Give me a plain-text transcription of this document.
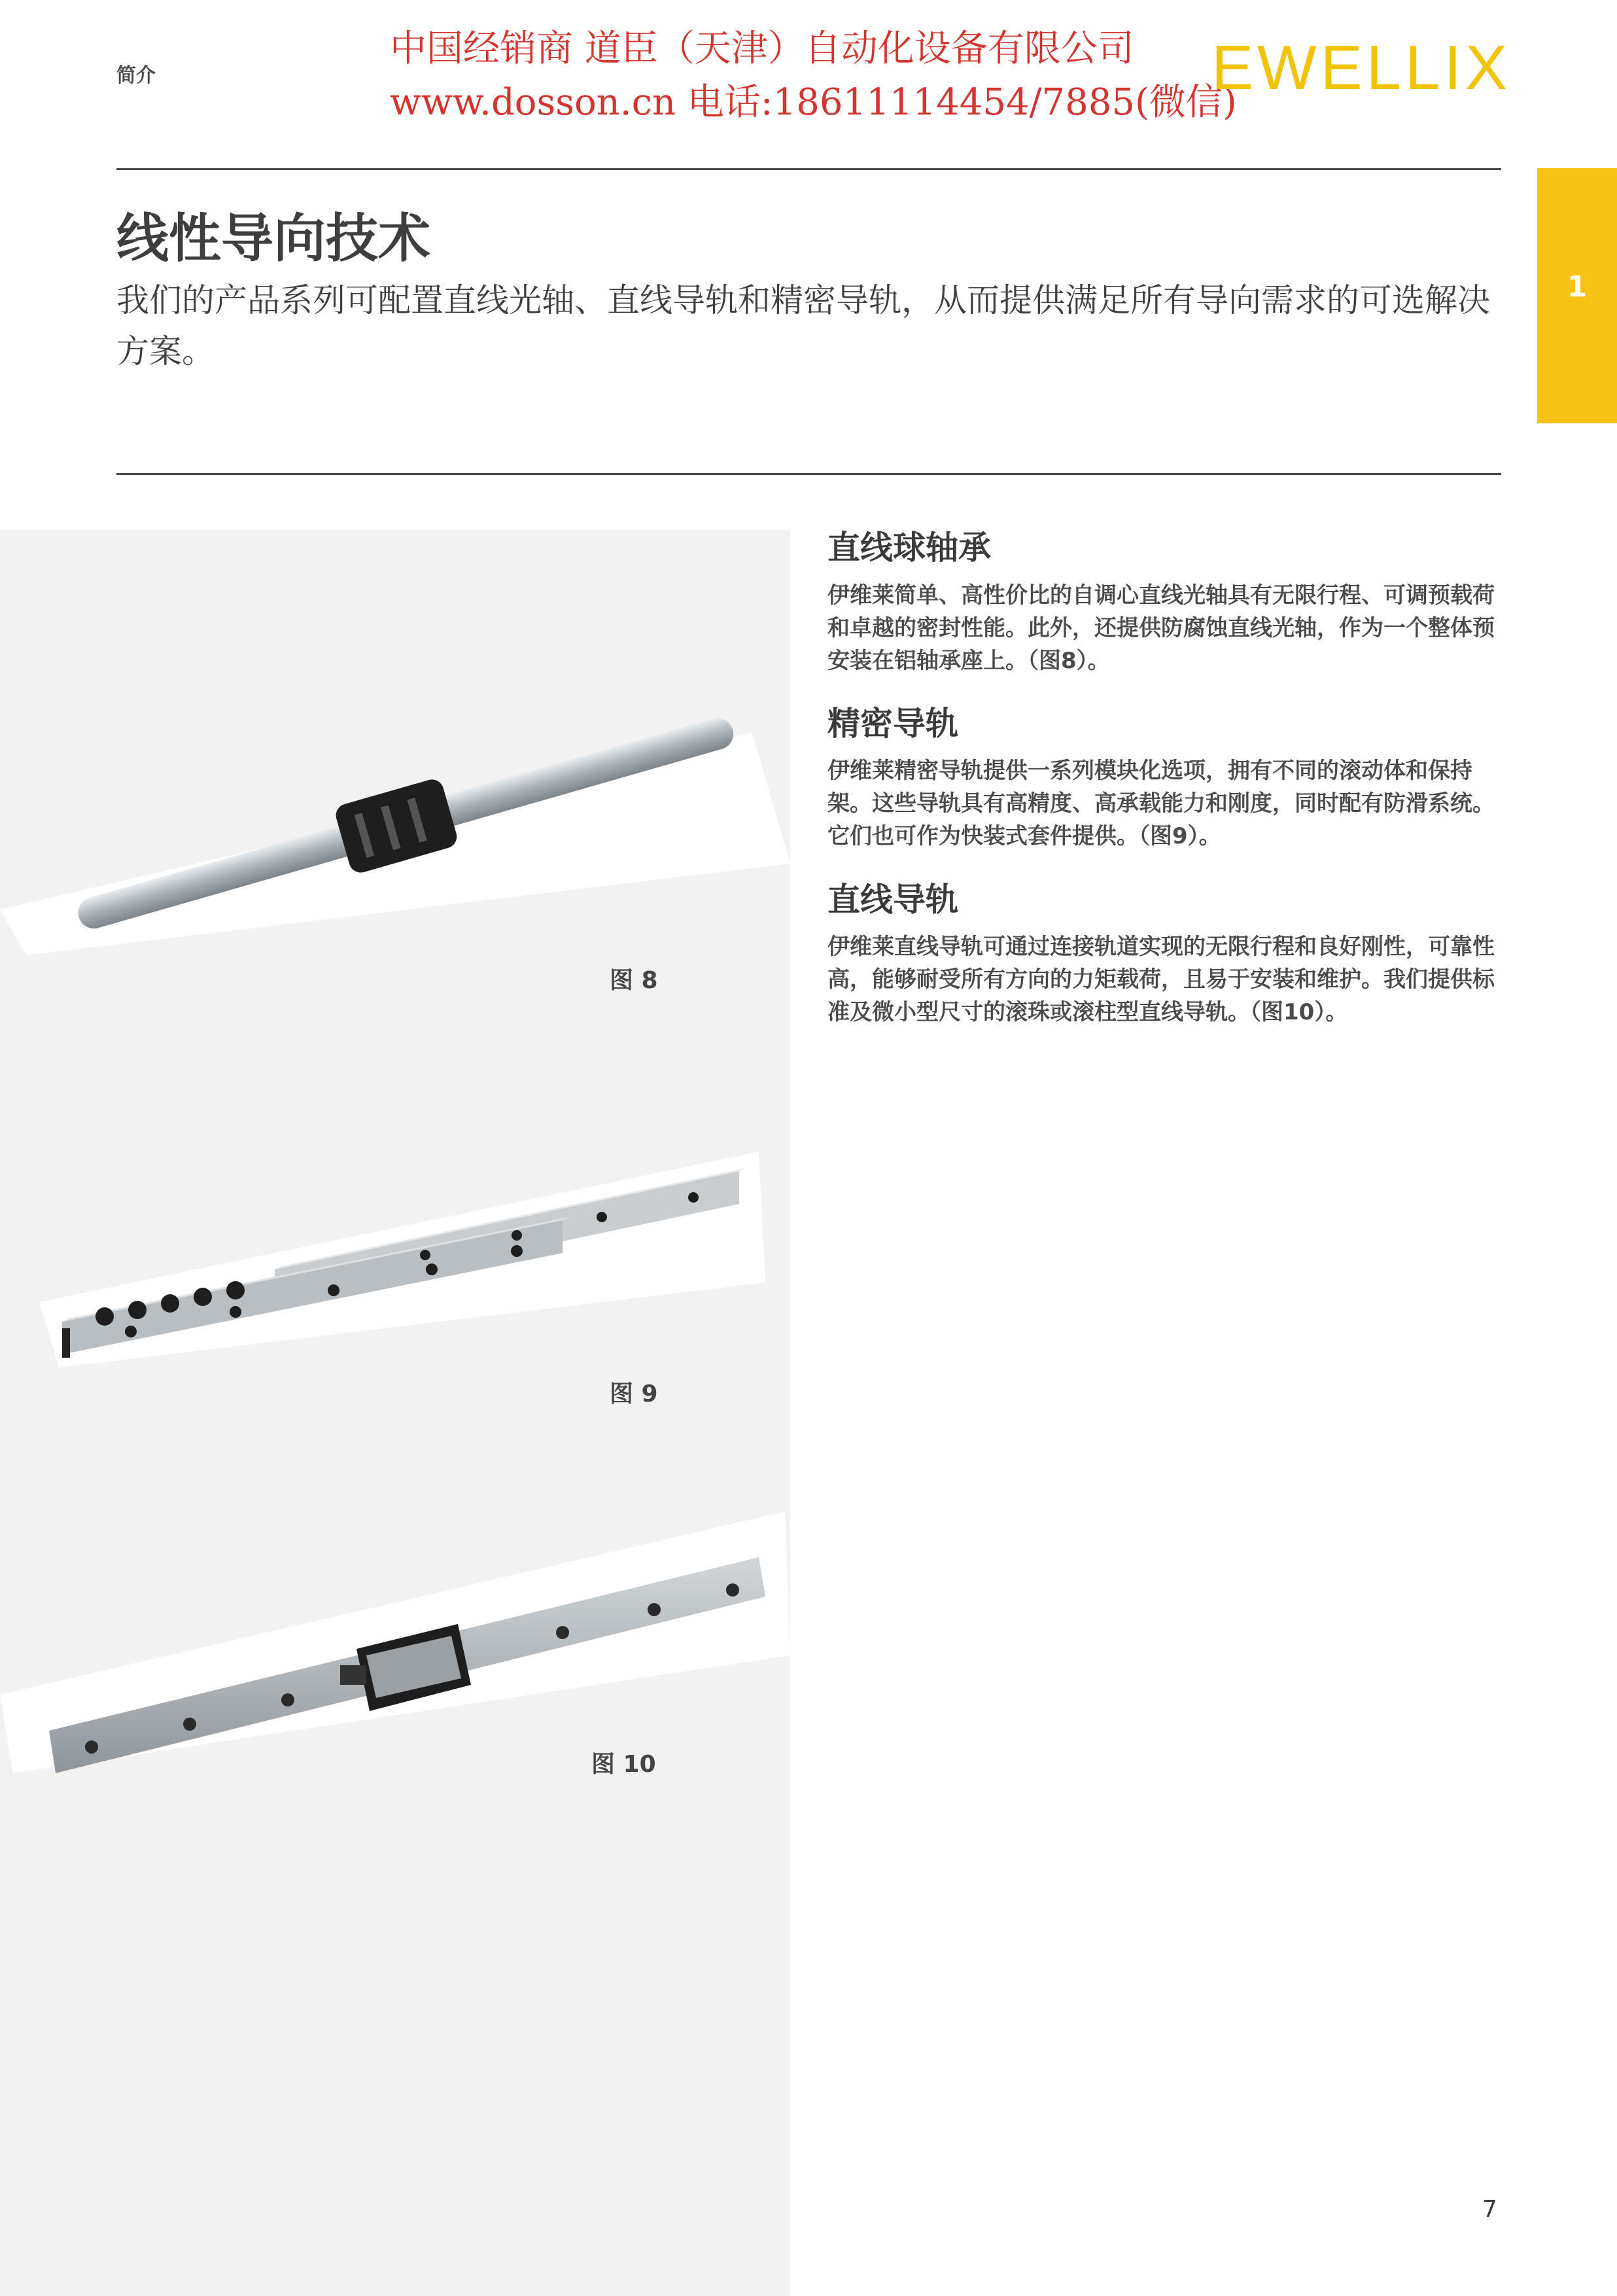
简介
中国经销商 道臣（天津）自动化设备有限公司
www.dosson.cn 电话:18611114454/7885(微信)
EWELLIX
1
线性导向技术
我们的产品系列可配置直线光轴、直线导轨和精密导轨，从而提供满足所有导向需求的可选解决方案。
图 8
图 9
图 10
直线球轴承
伊维莱简单、高性价比的自调心直线光轴具有无限行程、可调预载荷和卓越的密封性能。此外，还提供防腐蚀直线光轴，作为一个整体预安装在铝轴承座上。（图8）。
精密导轨
伊维莱精密导轨提供一系列模块化选项，拥有不同的滚动体和保持架。这些导轨具有高精度、高承载能力和刚度，同时配有防滑系统。它们也可作为快装式套件提供。（图9）。
直线导轨
伊维莱直线导轨可通过连接轨道实现的无限行程和良好刚性，可靠性高，能够耐受所有方向的力矩载荷，且易于安装和维护。我们提供标准及微小型尺寸的滚珠或滚柱型直线导轨。（图10）。
7
